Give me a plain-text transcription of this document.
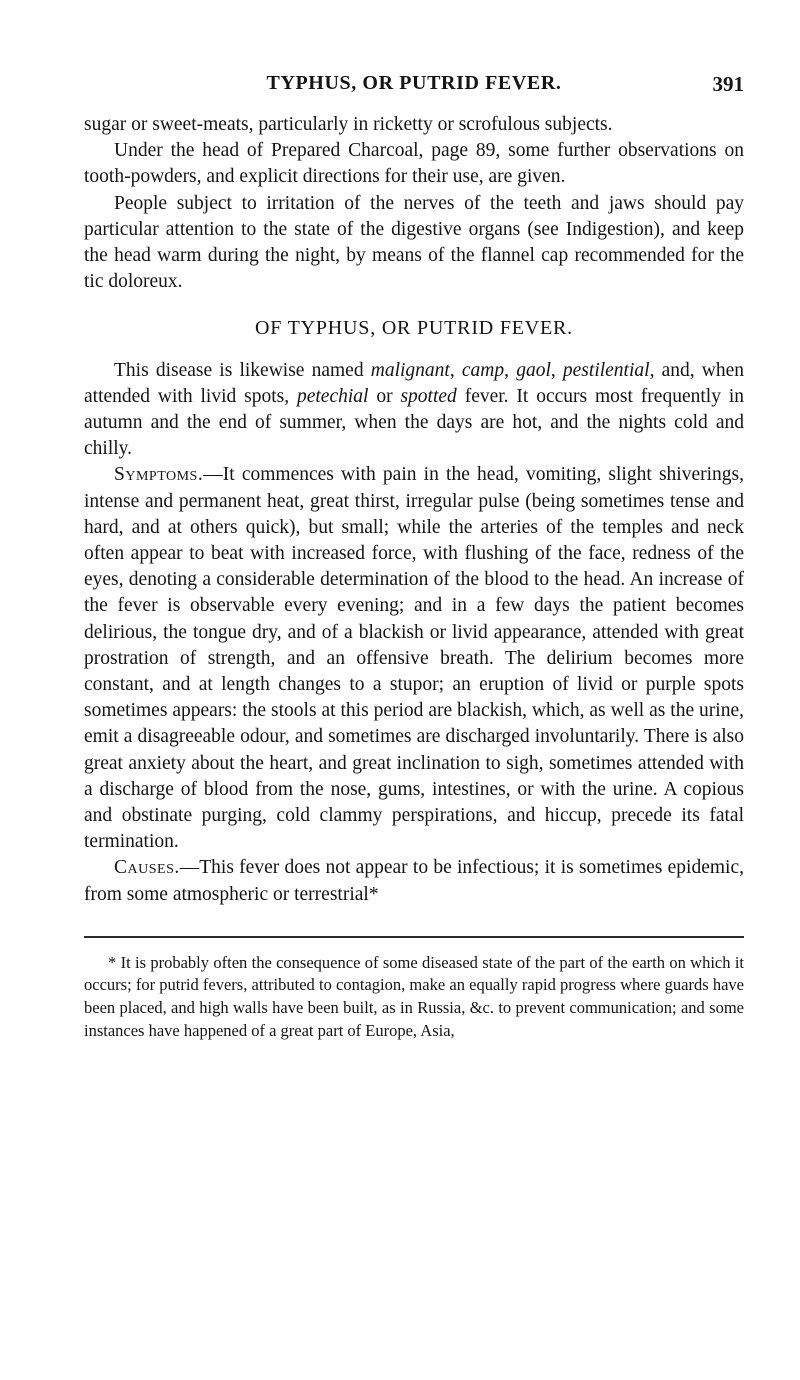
TYPHUS, OR PUTRID FEVER.	391

sugar or sweet-meats, particularly in ricketty or scrofulous subjects.

Under the head of Prepared Charcoal, page 89, some further observations on tooth-powders, and explicit directions for their use, are given.

People subject to irritation of the nerves of the teeth and jaws should pay particular attention to the state of the digestive organs (see Indigestion), and keep the head warm during the night, by means of the flannel cap recommended for the tic doloreux.

OF TYPHUS, OR PUTRID FEVER.

This disease is likewise named malignant, camp, gaol, pestilential, and, when attended with livid spots, petechial or spotted fever. It occurs most frequently in autumn and the end of summer, when the days are hot, and the nights cold and chilly.

Symptoms.—It commences with pain in the head, vomiting, slight shiverings, intense and permanent heat, great thirst, irregular pulse (being sometimes tense and hard, and at others quick), but small; while the arteries of the temples and neck often appear to beat with increased force, with flushing of the face, redness of the eyes, denoting a considerable determination of the blood to the head. An increase of the fever is observable every evening; and in a few days the patient becomes delirious, the tongue dry, and of a blackish or livid appearance, attended with great prostration of strength, and an offensive breath. The delirium becomes more constant, and at length changes to a stupor; an eruption of livid or purple spots sometimes appears: the stools at this period are blackish, which, as well as the urine, emit a disagreeable odour, and sometimes are discharged involuntarily. There is also great anxiety about the heart, and great inclination to sigh, sometimes attended with a discharge of blood from the nose, gums, intestines, or with the urine. A copious and obstinate purging, cold clammy perspirations, and hiccup, precede its fatal termination.

Causes.—This fever does not appear to be infectious; it is sometimes epidemic, from some atmospheric or terrestrial*

* It is probably often the consequence of some diseased state of the part of the earth on which it occurs; for putrid fevers, attributed to contagion, make an equally rapid progress where guards have been placed, and high walls have been built, as in Russia, &c. to prevent communication; and some instances have happened of a great part of Europe, Asia,
